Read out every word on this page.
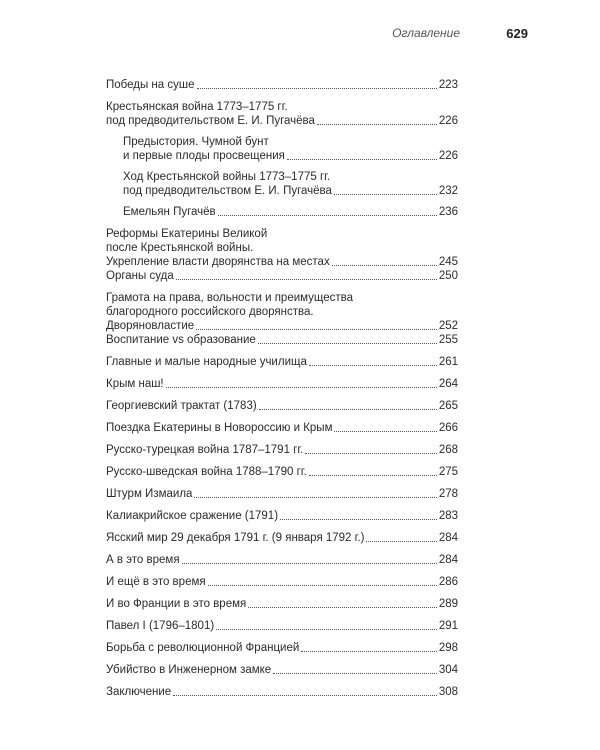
Оглавление	629
Победы на суше	223
Крестьянская война 1773–1775 гг.
под предводительством Е. И. Пугачёва	226
Предыстория. Чумной бунт
и первые плоды просвещения	226
Ход Крестьянской войны 1773–1775 гг.
под предводительством Е. И. Пугачёва	232
Емельян Пугачёв	236
Реформы Екатерины Великой
после Крестьянской войны.
Укрепление власти дворянства на местах	245
Органы суда	250
Грамота на права, вольности и преимущества
благородного российского дворянства.
Дворяновластие	252
Воспитание vs образование	255
Главные и малые народные училища	261
Крым наш!	264
Георгиевский трактат (1783)	265
Поездка Екатерины в Новороссию и Крым	266
Русско-турецкая война 1787–1791 гг.	268
Русско-шведская война 1788–1790 гг.	275
Штурм Измаила	278
Калиакрийское сражение (1791)	283
Ясский мир 29 декабря 1791 г. (9 января 1792 г.)	284
А в это время	284
И ещё в это время	286
И во Франции в это время	289
Павел I (1796–1801)	291
Борьба с революционной Францией	298
Убийство в Инженерном замке	304
Заключение	308
